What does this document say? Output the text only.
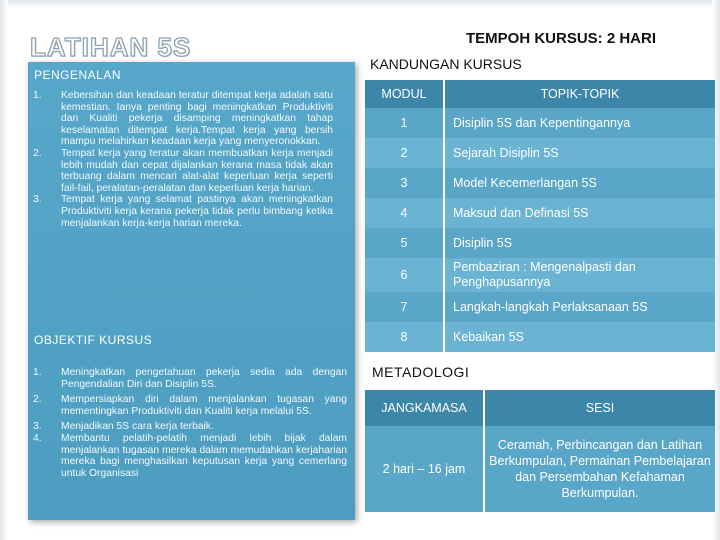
LATIHAN 5S	TEMPOH KURSUS: 2 HARI
KANDUNGAN KURSUS
PENGENALAN
1. Kebersihan dan keadaan teratur ditempat kerja adalah satu kemestian. Ianya penting bagi meningkatkan Produktiviti dan Kualiti pekerja disamping meningkatkan tahap keselamatan ditempat kerja.Tempat kerja yang bersih mampu melahirkan keadaan kerja yang menyeronokkan.
2. Tempat kerja yang teratur akan membuatkan kerja menjadi lebih mudah dan cepat dijalankan kerana masa tidak akan terbuang dalam mencari alat-alat keperluan kerja seperti fail-fail, peralatan-peralatan dan keperluan kerja harian.
3. Tempat kerja yang selamat pastinya akan meningkatkan Produktiviti kerja kerana pekerja tidak perlu bimbang ketika menjalankan kerja-kerja harian mereka.
OBJEKTIF KURSUS
1. Meningkatkan pengetahuan pekerja sedia ada dengan Pengendalian Diri dan Disiplin 5S.
2. Mempersiapkan diri dalam menjalankan tugasan yang mementingkan Produktiviti dan Kualiti kerja melalui 5S.
3. Menjadikan 5S cara kerja terbaik.
4. Membantu pelatih-pelatih menjadi lebih bijak dalam menjalankan tugasan mereka dalam memudahkan kerjaharian mereka bagi menghasilkan keputusan kerja yang cemerlang untuk Organisasi
MODUL	TOPIK-TOPIK
1	Disiplin 5S dan Kepentingannya
2	Sejarah Disiplin 5S
3	Model Kecemerlangan 5S
4	Maksud dan Definasi 5S
5	Disiplin 5S
6	Pembaziran : Mengenalpasti dan Penghapusannya
7	Langkah-langkah Perlaksanaan 5S
8	Kebaikan 5S
METADOLOGI
JANGKAMASA	SESI
2 hari – 16 jam	Ceramah, Perbincangan dan Latihan Berkumpulan, Permainan Pembelajaran dan Persembahan Kefahaman Berkumpulan.
